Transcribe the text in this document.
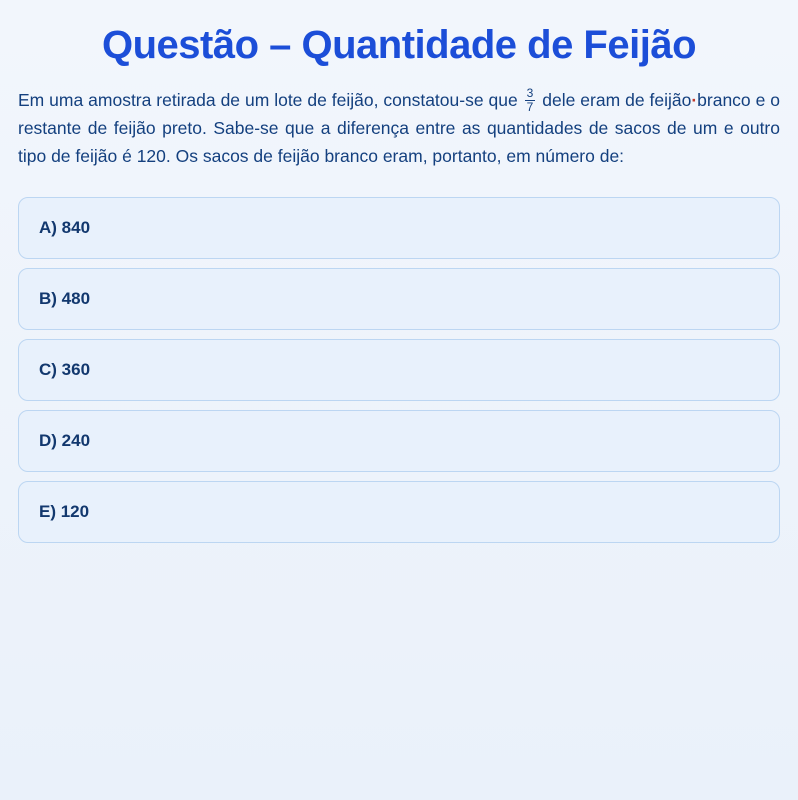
Questão – Quantidade de Feijão

Em uma amostra retirada de um lote de feijão, constatou-se que $\frac{3}{7}$ dele eram de feijão·branco e o restante de feijão preto. Sabe-se que a diferença entre as quantidades de sacos de um e outro tipo de feijão é 120. Os sacos de feijão branco eram, portanto, em número de:

A) 840
B) 480
C) 360
D) 240
E) 120
